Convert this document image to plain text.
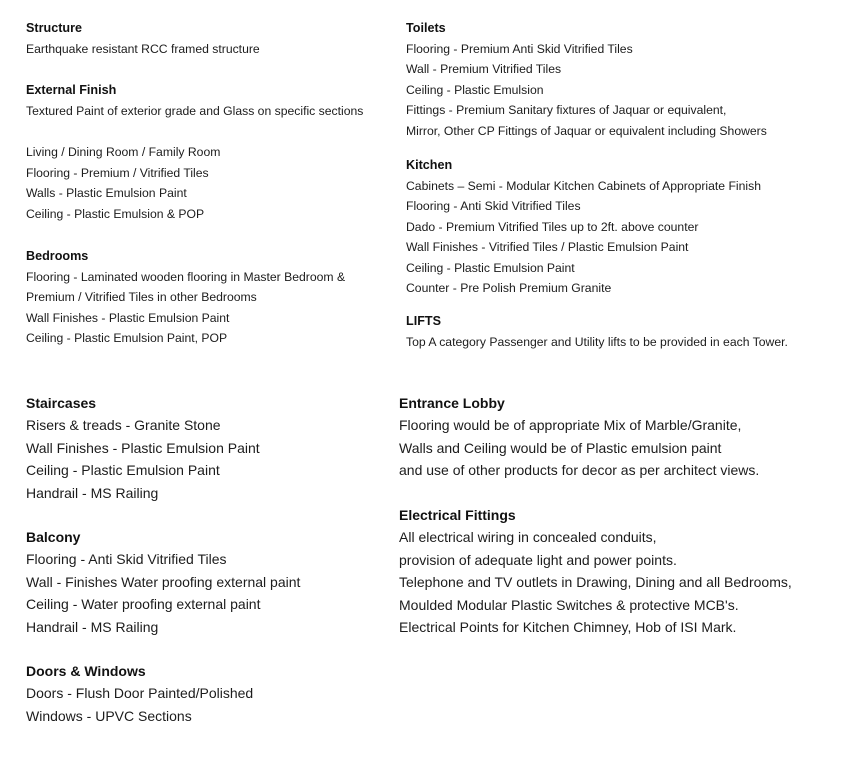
Structure
Earthquake resistant RCC framed structure
External Finish
Textured Paint of exterior grade and Glass on specific sections
Living / Dining Room / Family Room
Flooring - Premium / Vitrified Tiles
Walls - Plastic Emulsion Paint
Ceiling - Plastic Emulsion & POP
Bedrooms
Flooring - Laminated wooden flooring in Master Bedroom &
Premium / Vitrified Tiles in other Bedrooms
Wall Finishes - Plastic Emulsion Paint
Ceiling - Plastic Emulsion Paint, POP
Toilets
Flooring - Premium Anti Skid Vitrified Tiles
Wall - Premium Vitrified Tiles
Ceiling - Plastic Emulsion
Fittings - Premium Sanitary fixtures of Jaquar or equivalent,
Mirror, Other CP Fittings of Jaquar or equivalent including Showers
Kitchen
Cabinets – Semi - Modular Kitchen Cabinets of Appropriate Finish
Flooring - Anti Skid Vitrified Tiles
Dado - Premium Vitrified Tiles up to 2ft. above counter
Wall Finishes - Vitrified Tiles / Plastic Emulsion Paint
Ceiling - Plastic Emulsion Paint
Counter - Pre Polish Premium Granite
LIFTS
Top A category Passenger and Utility lifts to be provided in each Tower.
Staircases
Risers & treads - Granite Stone
Wall Finishes - Plastic Emulsion Paint
Ceiling - Plastic Emulsion Paint
Handrail - MS Railing
Balcony
Flooring - Anti Skid Vitrified Tiles
Wall - Finishes Water proofing external paint
Ceiling - Water proofing external paint
Handrail - MS Railing
Doors & Windows
Doors - Flush Door Painted/Polished
Windows - UPVC Sections
Entrance Lobby
Flooring would be of appropriate Mix of Marble/Granite,
Walls and Ceiling would be of Plastic emulsion paint
and use of other products for decor as per architect views.
Electrical Fittings
All electrical wiring in concealed conduits,
provision of adequate light and power points.
Telephone and TV outlets in Drawing, Dining and all Bedrooms,
Moulded Modular Plastic Switches & protective MCB's.
Electrical Points for Kitchen Chimney, Hob of ISI Mark.
